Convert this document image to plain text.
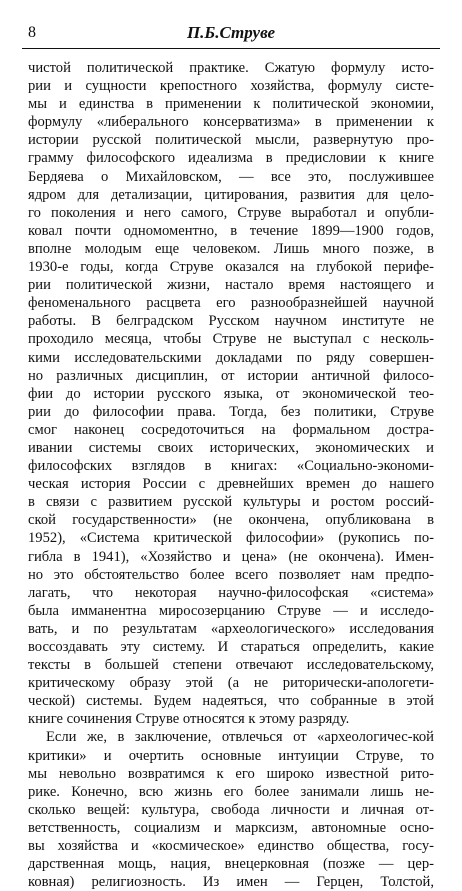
8	П.Б.Струве
чистой политической практике. Сжатую формулу исто-
рии и сущности крепостного хозяйства, формулу систе-
мы и единства в применении к политической экономии,
формулу «либерального консерватизма» в применении к
истории русской политической мысли, развернутую про-
грамму философского идеализма в предисловии к книге
Бердяева о Михайловском, — все это, послужившее
ядром для детализации, цитирования, развития для цело-
го поколения и него самого, Струве выработал и опубли-
ковал почти одномоментно, в течение 1899—1900 годов,
вполне молодым еще человеком. Лишь много позже, в
1930-е годы, когда Струве оказался на глубокой перифе-
рии политической жизни, настало время настоящего и
феноменального расцвета его разнообразнейшей научной
работы. В белградском Русском научном институте не
проходило месяца, чтобы Струве не выступал с несколь-
кими исследовательскими докладами по ряду совершен-
но различных дисциплин, от истории античной филосо-
фии до истории русского языка, от экономической тео-
рии до философии права. Тогда, без политики, Струве
смог наконец сосредоточиться на формальном достра-
ивании системы своих исторических, экономических и
философских взглядов в книгах: «Социально-экономи-
ческая история России с древнейших времен до нашего
в связи с развитием русской культуры и ростом россий-
ской государственности» (не окончена, опубликована в
1952), «Система критической философии» (рукопись по-
гибла в 1941), «Хозяйство и цена» (не окончена). Имен-
но это обстоятельство более всего позволяет нам предпо-
лагать, что некоторая научно-философская «система»
была имманентна миросозерцанию Струве — и исследо-
вать, и по результатам «археологического» исследования
воссоздавать эту систему. И стараться определить, какие
тексты в большей степени отвечают исследовательскому,
критическому образу этой (а не риторически-апологети-
ческой) системы. Будем надеяться, что собранные в этой
книге сочинения Струве относятся к этому разряду.
Если же, в заключение, отвлечься от «археологичес-кой
критики» и очертить основные интуиции Струве, то
мы невольно возвратимся к его широко известной рито-
рике. Конечно, всю жизнь его более занимали лишь не-
сколько вещей: культура, свобода личности и личная от-
ветственность, социализм и марксизм, автономные осно-
вы хозяйства и «космическое» единство общества, госу-
дарственная мощь, нация, внецерковная (позже — цер-
ковная) религиозность. Из имен — Герцен, Толстой,
